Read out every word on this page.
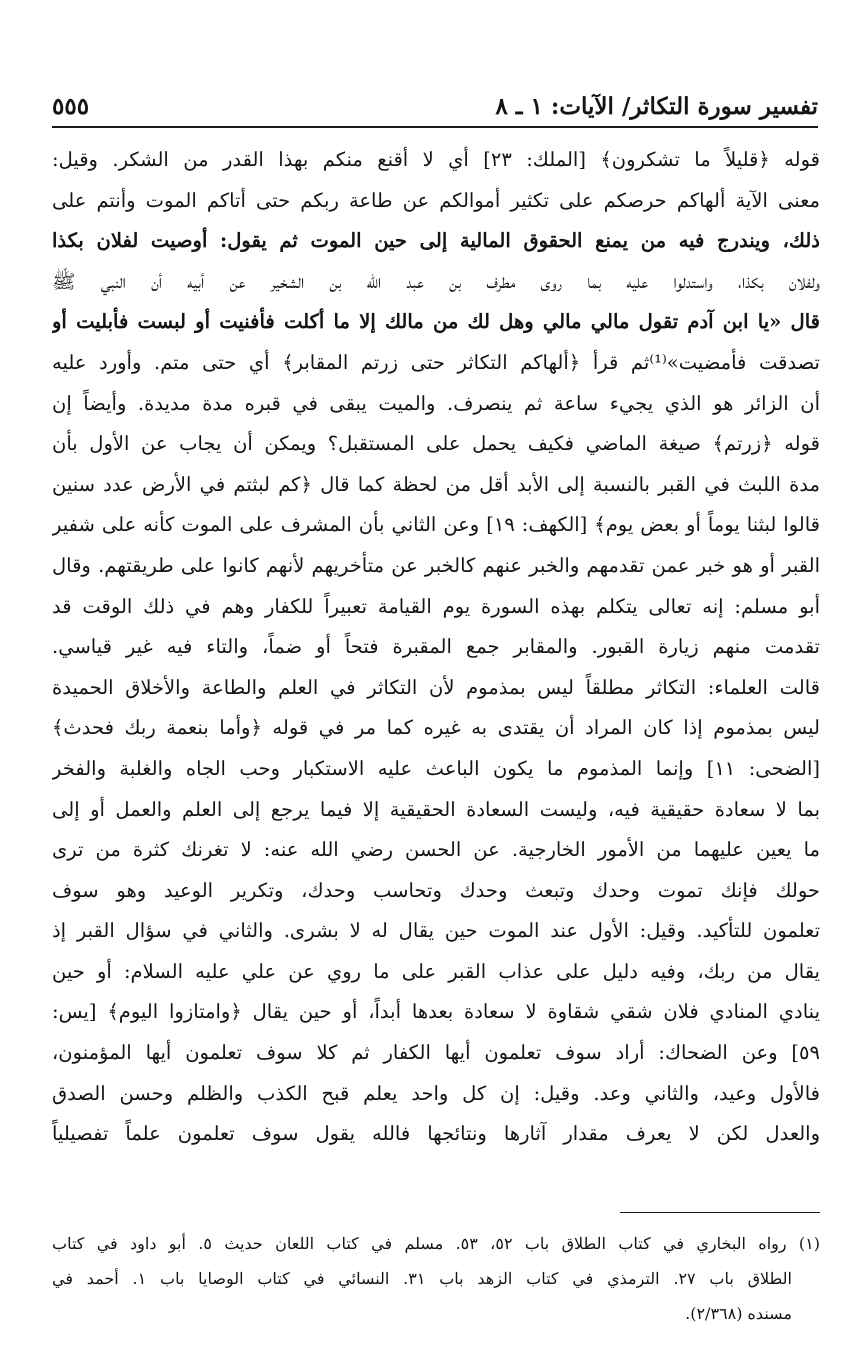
تفسير سورة التكاثر/ الآيات: ١ ـ ٨
٥٥٥
قوله ﴿قليلاً ما تشكرون﴾ [الملك: ٢٣] أي لا أقنع منكم بهذا القدر من الشكر. وقيل:
معنى الآية ألهاكم حرصكم على تكثير أموالكم عن طاعة ربكم حتى أتاكم الموت وأنتم على
ذلك، ويندرج فيه من يمنع الحقوق المالية إلى حين الموت ثم يقول: أوصيت لفلان بكذا
ولفلان بكذا، واستدلوا عليه بما روى مطرف بن عبد الله بن الشخير عن أبيه أن النبي ﷺ
قال «يا ابن آدم تقول مالي مالي وهل لك من مالك إلا ما أكلت فأفنيت أو لبست فأبليت أو
تصدقت فأمضيت»⁽¹⁾ثم قرأ ﴿ألهاكم التكاثر حتى زرتم المقابر﴾ أي حتى متم. وأورد عليه
أن الزائر هو الذي يجيء ساعة ثم ينصرف. والميت يبقى في قبره مدة مديدة. وأيضاً إن
قوله ﴿زرتم﴾ صيغة الماضي فكيف يحمل على المستقبل؟ ويمكن أن يجاب عن الأول بأن
مدة اللبث في القبر بالنسبة إلى الأبد أقل من لحظة كما قال ﴿كم لبثتم في الأرض عدد سنين
قالوا لبثنا يوماً أو بعض يوم﴾ [الكهف: ١٩] وعن الثاني بأن المشرف على الموت كأنه على شفير
القبر أو هو خبر عمن تقدمهم والخبر عنهم كالخبر عن متأخريهم لأنهم كانوا على طريقتهم. وقال
أبو مسلم: إنه تعالى يتكلم بهذه السورة يوم القيامة تعبيراً للكفار وهم في ذلك الوقت قد
تقدمت منهم زيارة القبور. والمقابر جمع المقبرة فتحاً أو ضماً، والتاء فيه غير قياسي.
قالت العلماء: التكاثر مطلقاً ليس بمذموم لأن التكاثر في العلم والطاعة والأخلاق الحميدة
ليس بمذموم إذا كان المراد أن يقتدى به غيره كما مر في قوله ﴿وأما بنعمة ربك فحدث﴾
[الضحى: ١١] وإنما المذموم ما يكون الباعث عليه الاستكبار وحب الجاه والغلبة والفخر
بما لا سعادة حقيقية فيه، وليست السعادة الحقيقية إلا فيما يرجع إلى العلم والعمل أو إلى
ما يعين عليهما من الأمور الخارجية. عن الحسن رضي الله عنه: لا تغرنك كثرة من ترى
حولك فإنك تموت وحدك وتبعث وحدك وتحاسب وحدك، وتكرير الوعيد وهو سوف
تعلمون للتأكيد. وقيل: الأول عند الموت حين يقال له لا بشرى. والثاني في سؤال القبر إذ
يقال من ربك، وفيه دليل على عذاب القبر على ما روي عن علي عليه السلام: أو حين
ينادي المنادي فلان شقي شقاوة لا سعادة بعدها أبداً، أو حين يقال ﴿وامتازوا اليوم﴾ [يس:
٥٩] وعن الضحاك: أراد سوف تعلمون أيها الكفار ثم كلا سوف تعلمون أيها المؤمنون،
فالأول وعيد، والثاني وعد. وقيل: إن كل واحد يعلم قبح الكذب والظلم وحسن الصدق
والعدل لكن لا يعرف مقدار آثارها ونتائجها فالله يقول سوف تعلمون علماً تفصيلياً
(١) رواه البخاري في كتاب الطلاق باب ٥٢، ٥٣. مسلم في كتاب اللعان حديث ٥. أبو داود في كتاب
الطلاق باب ٢٧. الترمذي في كتاب الزهد باب ٣١. النسائي في كتاب الوصايا باب ١. أحمد في
مسنده (٢/٣٦٨).
